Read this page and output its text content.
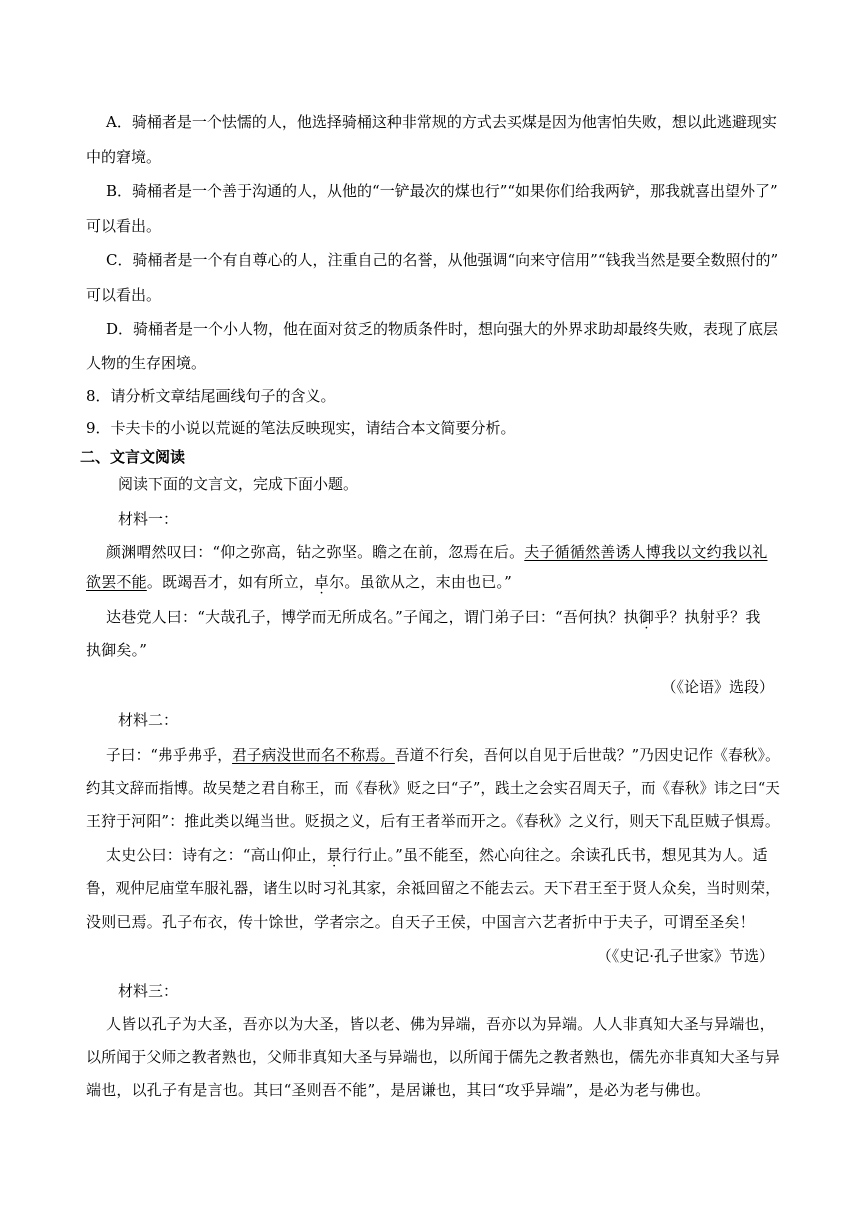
A．骑桶者是一个怯懦的人，他选择骑桶这种非常规的方式去买煤是因为他害怕失败，想以此逃避现实
中的窘境。
B．骑桶者是一个善于沟通的人，从他的“一铲最次的煤也行”“如果你们给我两铲，那我就喜出望外了”
可以看出。
C．骑桶者是一个有自尊心的人，注重自己的名誉，从他强调“向来守信用”“钱我当然是要全数照付的”
可以看出。
D．骑桶者是一个小人物，他在面对贫乏的物质条件时，想向强大的外界求助却最终失败，表现了底层
人物的生存困境。
8．请分析文章结尾画线句子的含义。
9．卡夫卡的小说以荒诞的笔法反映现实，请结合本文简要分析。
二、文言文阅读
阅读下面的文言文，完成下面小题。
材料一：
颜渊喟然叹曰：“仰之弥高，钻之弥坚。瞻之在前，忽焉在后。夫子循循然善诱人博我以文约我以礼
欲罢不能。既竭吾才，如有所立，卓尔。虽欲从之，末由也已。”
达巷党人曰：“大哉孔子，博学而无所成名。”子闻之，谓门弟子曰：“吾何执？执御乎？执射乎？我
执御矣。”
（《论语》选段）
材料二：
子曰：“弗乎弗乎，君子病没世而名不称焉。吾道不行矣，吾何以自见于后世哉？”乃因史记作《春秋》。
约其文辞而指博。故吴楚之君自称王，而《春秋》贬之曰“子”，践土之会实召周天子，而《春秋》讳之曰“天
王狩于河阳”：推此类以绳当世。贬损之义，后有王者举而开之。《春秋》之义行，则天下乱臣贼子惧焉。
太史公曰：诗有之：“高山仰止，景行行止。”虽不能至，然心向往之。余读孔氏书，想见其为人。适
鲁，观仲尼庙堂车服礼器，诸生以时习礼其家，余祗回留之不能去云。天下君王至于贤人众矣，当时则荣，
没则已焉。孔子布衣，传十馀世，学者宗之。自天子王侯，中国言六艺者折中于夫子，可谓至圣矣！
（《史记·孔子世家》节选）
材料三：
人皆以孔子为大圣，吾亦以为大圣，皆以老、佛为异端，吾亦以为异端。人人非真知大圣与异端也，
以所闻于父师之教者熟也，父师非真知大圣与异端也，以所闻于儒先之教者熟也，儒先亦非真知大圣与异
端也，以孔子有是言也。其曰“圣则吾不能”，是居谦也，其曰“攻乎异端”，是必为老与佛也。
